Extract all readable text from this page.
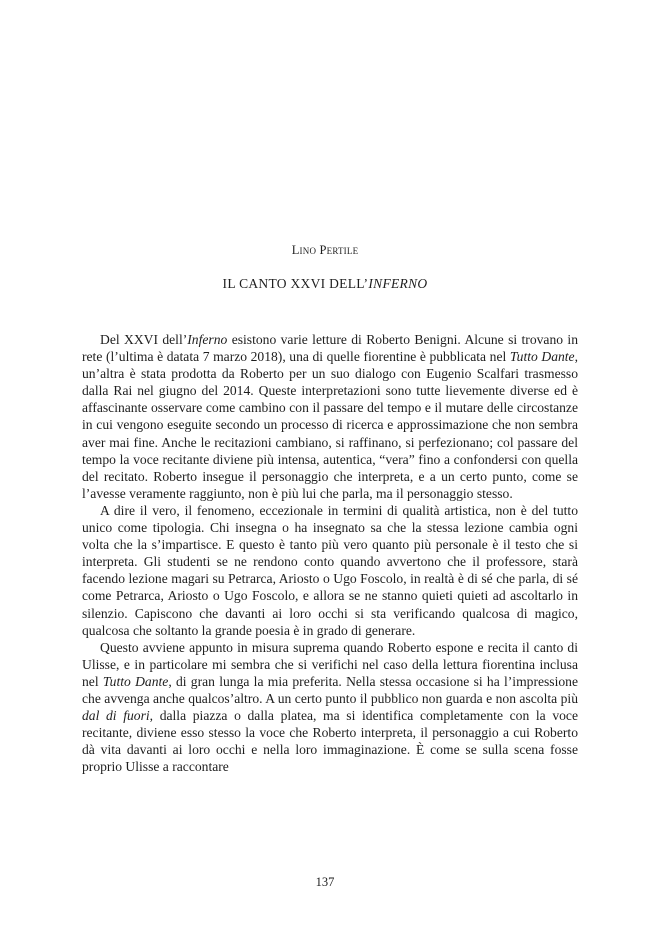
Lino Pertile
IL CANTO XXVI DELL’INFERNO

Del XXVI dell’Inferno esistono varie letture di Roberto Benigni. Alcune si trovano in rete (l’ultima è datata 7 marzo 2018), una di quelle fiorentine è pubblicata nel Tutto Dante, un’altra è stata prodotta da Roberto per un suo dialogo con Eugenio Scalfari trasmesso dalla Rai nel giugno del 2014. Queste interpretazioni sono tutte lievemente diverse ed è affascinante osservare come cambino con il passare del tempo e il mutare delle circostanze in cui vengono eseguite secondo un processo di ricerca e approssimazione che non sembra aver mai fine. Anche le recitazioni cambiano, si raffinano, si perfezionano; col passare del tempo la voce recitante diviene più intensa, autentica, “vera” fino a confondersi con quella del recitato. Roberto insegue il personaggio che interpreta, e a un certo punto, come se l’avesse veramente raggiunto, non è più lui che parla, ma il personaggio stesso.

A dire il vero, il fenomeno, eccezionale in termini di qualità artistica, non è del tutto unico come tipologia. Chi insegna o ha insegnato sa che la stessa lezione cambia ogni volta che la s’impartisce. E questo è tanto più vero quanto più personale è il testo che si interpreta. Gli studenti se ne rendono conto quando avvertono che il professore, starà facendo lezione magari su Petrarca, Ariosto o Ugo Foscolo, in realtà è di sé che parla, di sé come Petrarca, Ariosto o Ugo Foscolo, e allora se ne stanno quieti quieti ad ascoltarlo in silenzio. Capiscono che davanti ai loro occhi si sta verificando qualcosa di magico, qualcosa che soltanto la grande poesia è in grado di generare.

Questo avviene appunto in misura suprema quando Roberto espone e recita il canto di Ulisse, e in particolare mi sembra che si verifichi nel caso della lettura fiorentina inclusa nel Tutto Dante, di gran lunga la mia preferita. Nella stessa occasione si ha l’impressione che avvenga anche qualcos’altro. A un certo punto il pubblico non guarda e non ascolta più dal di fuori, dalla piazza o dalla platea, ma si identifica completamente con la voce recitante, diviene esso stesso la voce che Roberto interpreta, il personaggio a cui Roberto dà vita davanti ai loro occhi e nella loro immaginazione. È come se sulla scena fosse proprio Ulisse a raccontare

137
